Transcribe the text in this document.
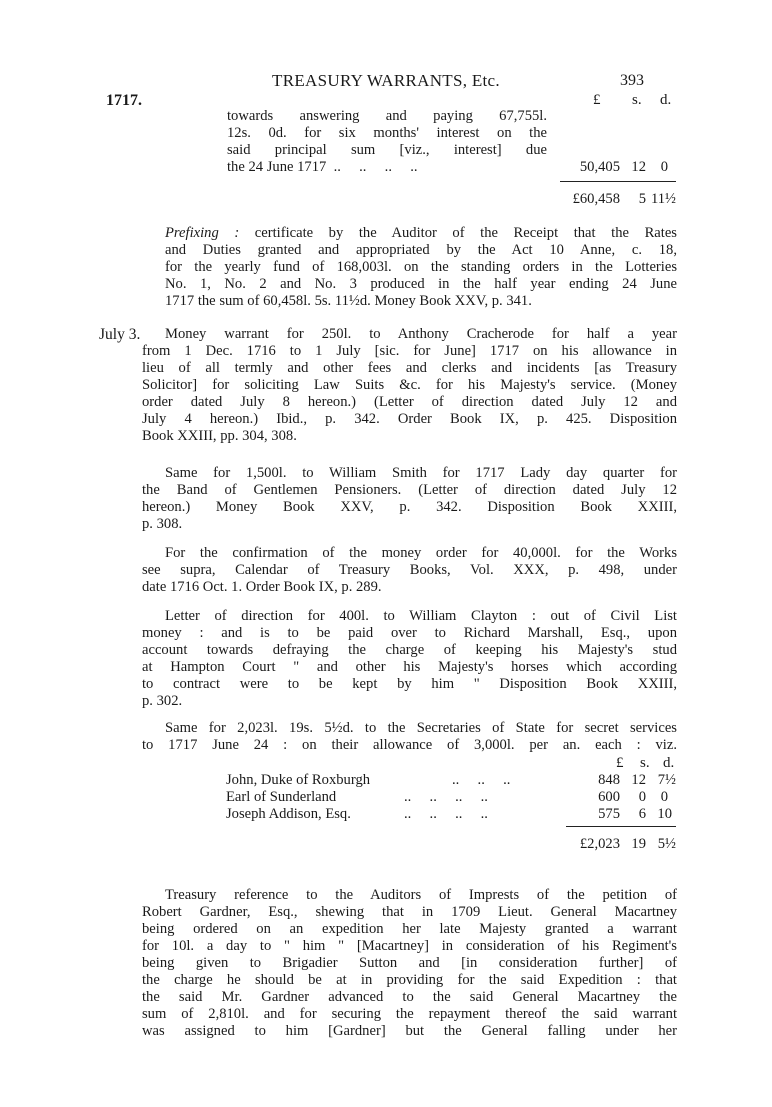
TREASURY WARRANTS, Etc.	393
1717.	£ s. d.
towards answering and paying 67,755l.
12s. 0d. for six months' interest on the
said principal sum [viz., interest] due
the 24 June 1717  ..     ..     ..     ..	50,405 12	0
£60,458	5 11½
Prefixing : certificate by the Auditor of the Receipt that the Rates
and Duties granted and appropriated by the Act 10 Anne, c. 18,
for the yearly fund of 168,003l. on the standing orders in the Lotteries
No. 1, No. 2 and No. 3 produced in the half year ending 24 June
1717 the sum of 60,458l. 5s. 11½d. Money Book XXV, p. 341.
July 3.	Money warrant for 250l. to Anthony Cracherode for half a year
from 1 Dec. 1716 to 1 July [sic. for June] 1717 on his allowance in
lieu of all termly and other fees and clerks and incidents [as Treasury
Solicitor] for soliciting Law Suits &c. for his Majesty's service. (Money
order dated July 8 hereon.) (Letter of direction dated July 12 and
July 4 hereon.) Ibid., p. 342. Order Book IX, p. 425. Disposition
Book XXIII, pp. 304, 308.
Same for 1,500l. to William Smith for 1717 Lady day quarter for
the Band of Gentlemen Pensioners. (Letter of direction dated July 12
hereon.) Money Book XXV, p. 342. Disposition Book XXIII,
p. 308.
For the confirmation of the money order for 40,000l. for the Works
see supra, Calendar of Treasury Books, Vol. XXX, p. 498, under
date 1716 Oct. 1. Order Book IX, p. 289.
Letter of direction for 400l. to William Clayton : out of Civil List
money : and is to be paid over to Richard Marshall, Esq., upon
account towards defraying the charge of keeping his Majesty's stud
at Hampton Court " and other his Majesty's horses which according
to contract were to be kept by him " Disposition Book XXIII,
p. 302.
Same for 2,023l. 19s. 5½d. to the Secretaries of State for secret services
to 1717 June 24 : on their allowance of 3,000l. per an. each : viz.
£ s. d.
John, Duke of Roxburgh	..     ..     ..	848 12 7½
Earl of Sunderland	..     ..     ..     ..	600	0	0
Joseph Addison, Esq.	..     ..     ..     ..	575	6 10
£2,023 19 5½
Treasury reference to the Auditors of Imprests of the petition of
Robert Gardner, Esq., shewing that in 1709 Lieut. General Macartney
being ordered on an expedition her late Majesty granted a warrant
for 10l. a day to " him " [Macartney] in consideration of his Regiment's
being given to Brigadier Sutton and [in consideration further] of
the charge he should be at in providing for the said Expedition : that
the said Mr. Gardner advanced to the said General Macartney the
sum of 2,810l. and for securing the repayment thereof the said warrant
was assigned to him [Gardner] but the General falling under her
